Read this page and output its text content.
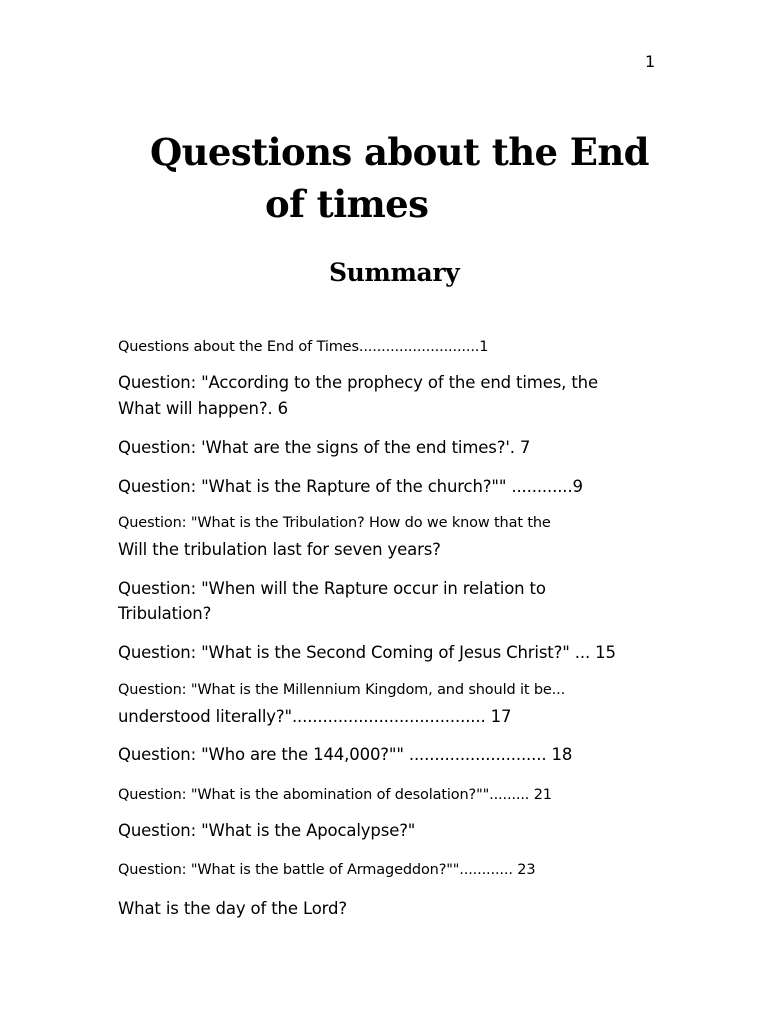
1
Questions about the End
of times
Summary
Questions about the End of Times...........................1
Question: "According to the prophecy of the end times, the
What will happen?. 6
Question: 'What are the signs of the end times?'. 7
Question: "What is the Rapture of the church?"" ............9
Question: "What is the Tribulation? How do we know that the
Will the tribulation last for seven years?
Question: "When will the Rapture occur in relation to
Tribulation?
Question: "What is the Second Coming of Jesus Christ?" ... 15
Question: "What is the Millennium Kingdom, and should it be...
understood literally?"...................................... 17
Question: "Who are the 144,000?"" ........................... 18
Question: "What is the abomination of desolation?""......... 21
Question: "What is the Apocalypse?"
Question: "What is the battle of Armageddon?""............ 23
What is the day of the Lord?
